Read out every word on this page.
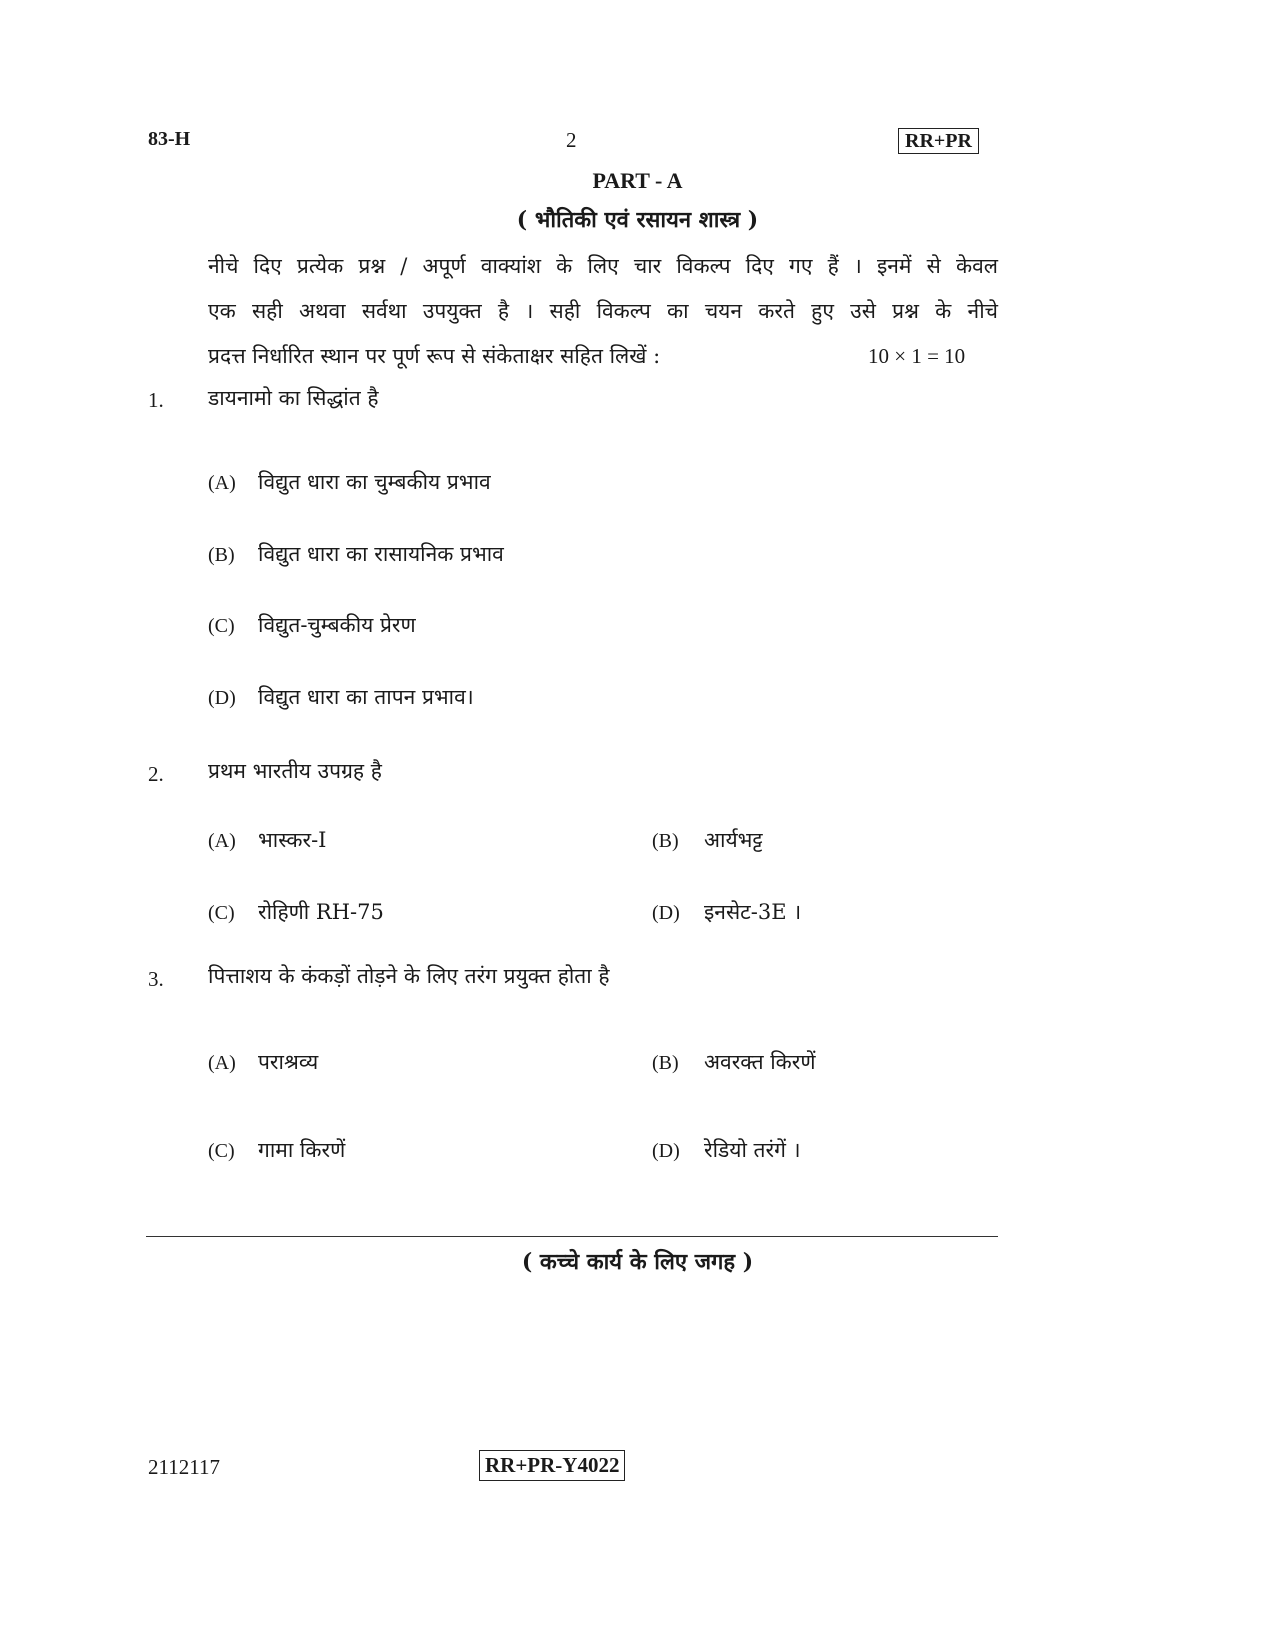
83-H	2	RR+PR
PART - A
( भौतिकी एवं रसायन शास्त्र )
नीचे दिए प्रत्येक प्रश्न / अपूर्ण वाक्यांश के लिए चार विकल्प दिए गए हैं । इनमें से केवल
एक सही अथवा सर्वथा उपयुक्त है । सही विकल्प का चयन करते हुए उसे प्रश्न के नीचे
प्रदत्त निर्धारित स्थान पर पूर्ण रूप से संकेताक्षर सहित लिखें :	10 × 1 = 10
1. डायनामो का सिद्धांत है
(A) विद्युत धारा का चुम्बकीय प्रभाव
(B) विद्युत धारा का रासायनिक प्रभाव
(C) विद्युत-चुम्बकीय प्रेरण
(D) विद्युत धारा का तापन प्रभाव।
2. प्रथम भारतीय उपग्रह है
(A) भास्कर-I	(B) आर्यभट्ट
(C) रोहिणी RH-75	(D) इनसेट-3E ।
3. पित्ताशय के कंकड़ों तोड़ने के लिए तरंग प्रयुक्त होता है
(A) पराश्रव्य	(B) अवरक्त किरणें
(C) गामा किरणें	(D) रेडियो तरंगें ।
( कच्चे कार्य के लिए जगह )
2112117	RR+PR-Y4022
